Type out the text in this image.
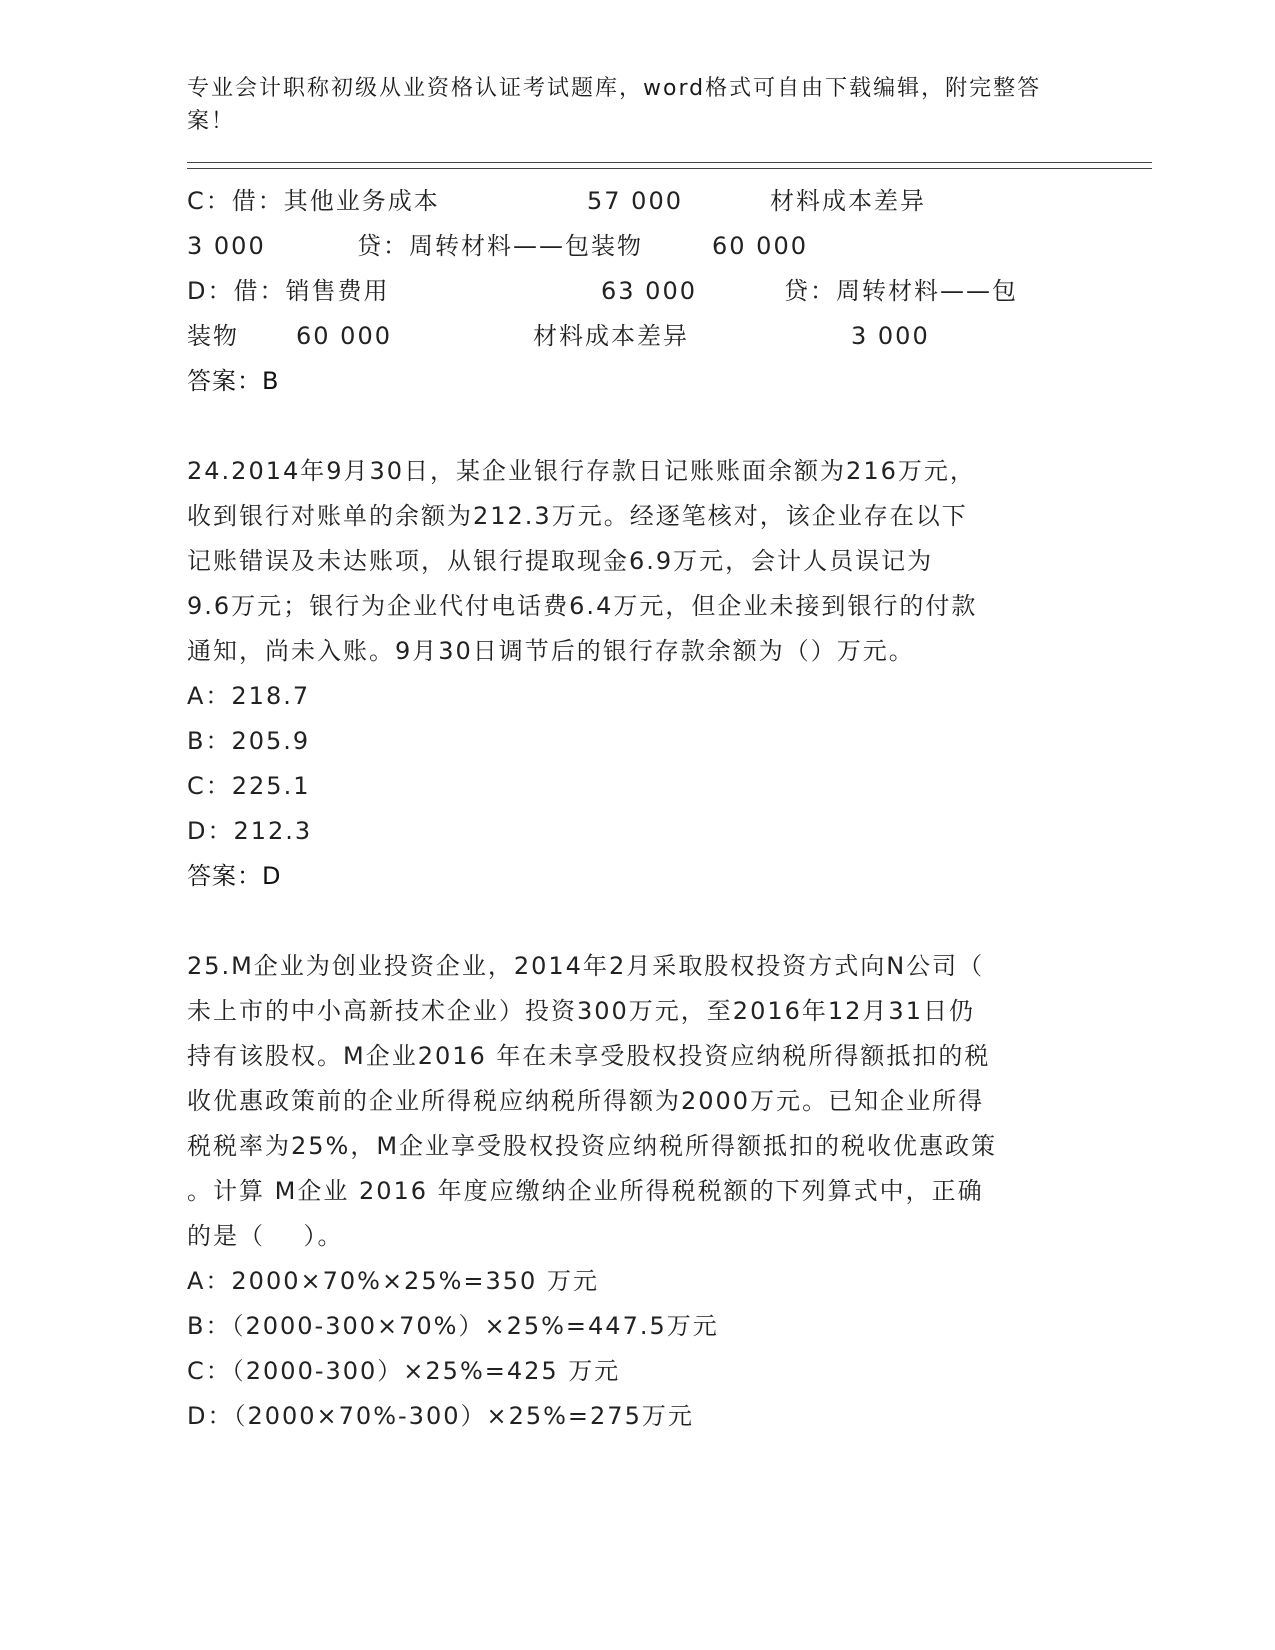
专业会计职称初级从业资格认证考试题库，word格式可自由下载编辑，附完整答
案！

C：借：其他业务成本

	57 000

	材料成本差异

3 000

	贷：周转材料——包装物

	60 000

D：借：销售费用

	63 000

	贷：周转材料——包

装物

60 000

	材料成本差异

	3 000

答案：B
24.2014年9月30日，某企业银行存款日记账账面余额为216万元，
收到银行对账单的余额为212.3万元。经逐笔核对，该企业存在以下
记账错误及未达账项，从银行提取现金6.9万元，会计人员误记为
9.6万元；银行为企业代付电话费6.4万元，但企业未接到银行的付款
通知，尚未入账。9月30日调节后的银行存款余额为（）万元。
A：218.7
B：205.9
C：225.1
D：212.3
答案：D
25.M企业为创业投资企业，2014年2月采取股权投资方式向N公司（
未上市的中小高新技术企业）投资300万元，至2016年12月31日仍
持有该股权。M企业2016 年在未享受股权投资应纳税所得额抵扣的税
收优惠政策前的企业所得税应纳税所得额为2000万元。已知企业所得
税税率为25%，M企业享受股权投资应纳税所得额抵扣的税收优惠政策
。计算 M企业 2016 年度应缴纳企业所得税税额的下列算式中，正确
的是（    ）。
A：2000×70%×25%=350 万元
B：（2000-300×70%）×25%=447.5万元
C：（2000-300）×25%=425 万元
D：（2000×70%-300）×25%=275万元
